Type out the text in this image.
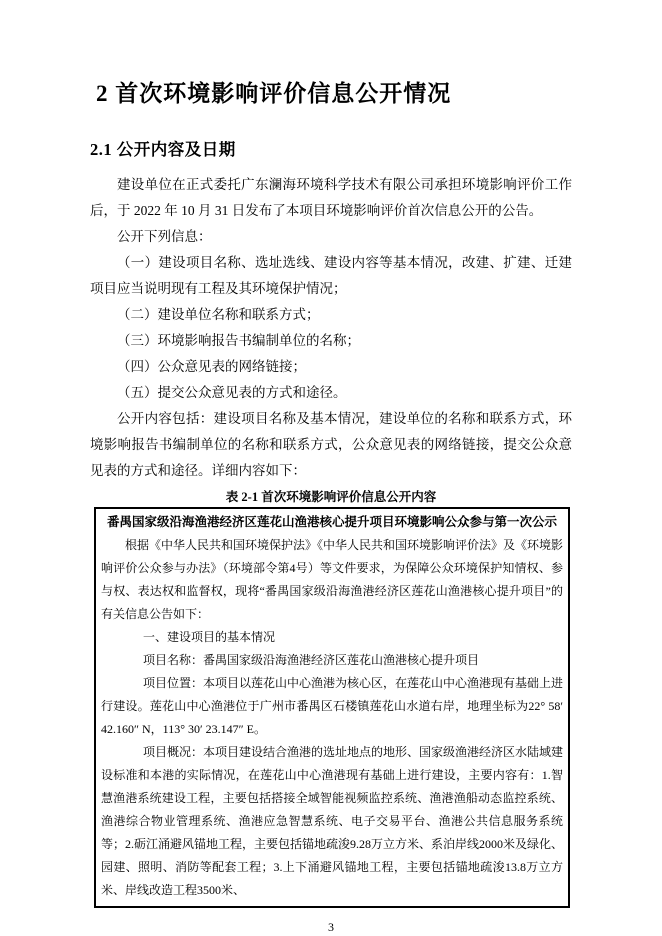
2 首次环境影响评价信息公开情况
2.1 公开内容及日期

建设单位在正式委托广东澜海环境科学技术有限公司承担环境影响评价工作后，于 2022 年 10 月 31 日发布了本项目环境影响评价首次信息公开的公告。

公开下列信息：

（一）建设项目名称、选址选线、建设内容等基本情况，改建、扩建、迁建项目应当说明现有工程及其环境保护情况；

（二）建设单位名称和联系方式；

（三）环境影响报告书编制单位的名称；

（四）公众意见表的网络链接；

（五）提交公众意见表的方式和途径。

公开内容包括：建设项目名称及基本情况，建设单位的名称和联系方式，环境影响报告书编制单位的名称和联系方式，公众意见表的网络链接，提交公众意见表的方式和途径。详细内容如下：

表 2-1 首次环境影响评价信息公开内容

番禺国家级沿海渔港经济区莲花山渔港核心提升项目环境影响公众参与第一次公示

根据《中华人民共和国环境保护法》《中华人民共和国环境影响评价法》及《环境影响评价公众参与办法》（环境部令第4号）等文件要求，为保障公众环境保护知情权、参与权、表达权和监督权，现将“番禺国家级沿海渔港经济区莲花山渔港核心提升项目”的有关信息公告如下：

一、建设项目的基本情况

项目名称：番禺国家级沿海渔港经济区莲花山渔港核心提升项目

项目位置：本项目以莲花山中心渔港为核心区，在莲花山中心渔港现有基础上进行建设。莲花山中心渔港位于广州市番禺区石楼镇莲花山水道右岸，地理坐标为22° 58′ 42.160″ N，113° 30′ 23.147″ E。

项目概况：本项目建设结合渔港的选址地点的地形、国家级渔港经济区水陆域建设标准和本港的实际情况，在莲花山中心渔港现有基础上进行建设，主要内容有：1.智慧渔港系统建设工程，主要包括搭接全域智能视频监控系统、渔港渔船动态监控系统、渔港综合物业管理系统、渔港应急智慧系统、电子交易平台、渔港公共信息服务系统等；2.砺江涌避风锚地工程，主要包括锚地疏浚9.28万立方米、系泊岸线2000米及绿化、园建、照明、消防等配套工程；3.上下涌避风锚地工程，主要包括锚地疏浚13.8万立方米、岸线改造工程3500米、

3
